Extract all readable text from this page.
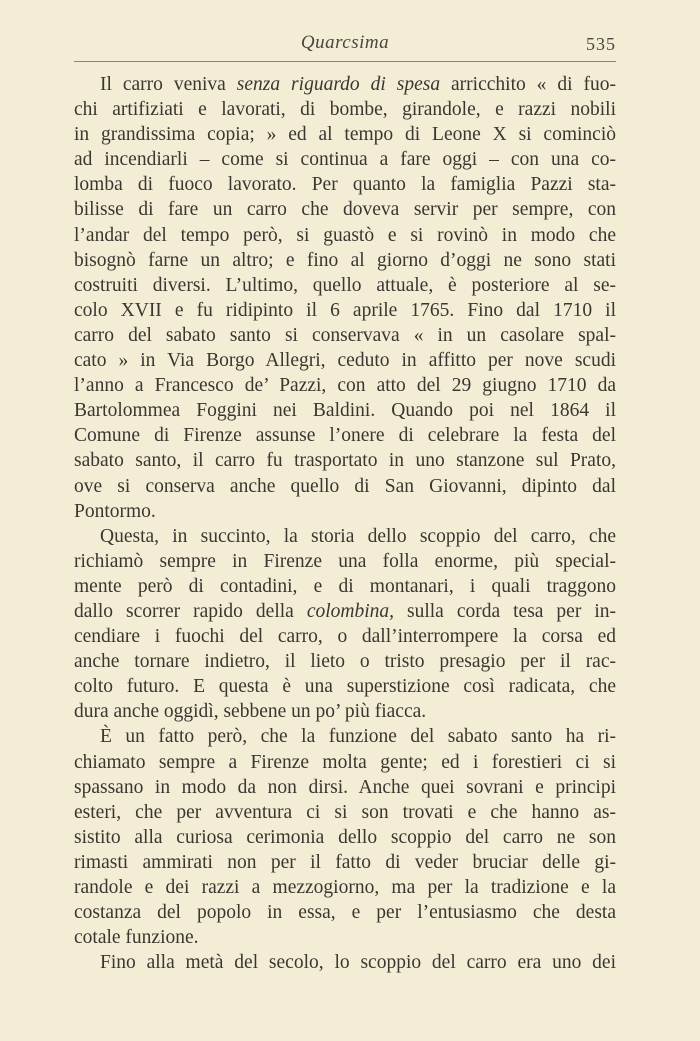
Quarcsima	535
Il carro veniva senza riguardo di spesa arricchito « di fuo-
chi artifiziati e lavorati, di bombe, girandole, e razzi nobili
in grandissima copia; » ed al tempo di Leone X si cominciò
ad incendiarli – come si continua a fare oggi – con una co-
lomba di fuoco lavorato. Per quanto la famiglia Pazzi sta-
bilisse di fare un carro che doveva servir per sempre, con
l’andar del tempo però, si guastò e si rovinò in modo che
bisognò farne un altro; e fino al giorno d’oggi ne sono stati
costruiti diversi. L’ultimo, quello attuale, è posteriore al se-
colo XVII e fu ridipinto il 6 aprile 1765. Fino dal 1710 il
carro del sabato santo si conservava « in un casolare spal-
cato » in Via Borgo Allegri, ceduto in affitto per nove scudi
l’anno a Francesco de’ Pazzi, con atto del 29 giugno 1710 da
Bartolommea Foggini nei Baldini. Quando poi nel 1864 il
Comune di Firenze assunse l’onere di celebrare la festa del
sabato santo, il carro fu trasportato in uno stanzone sul Prato,
ove si conserva anche quello di San Giovanni, dipinto dal
Pontormo.
Questa, in succinto, la storia dello scoppio del carro, che
richiamò sempre in Firenze una folla enorme, più special-
mente però di contadini, e di montanari, i quali traggono
dallo scorrer rapido della colombina, sulla corda tesa per in-
cendiare i fuochi del carro, o dall’interrompere la corsa ed
anche tornare indietro, il lieto o tristo presagio per il rac-
colto futuro. E questa è una superstizione così radicata, che
dura anche oggidì, sebbene un po’ più fiacca.
È un fatto però, che la funzione del sabato santo ha ri-
chiamato sempre a Firenze molta gente; ed i forestieri ci si
spassano in modo da non dirsi. Anche quei sovrani e principi
esteri, che per avventura ci si son trovati e che hanno as-
sistito alla curiosa cerimonia dello scoppio del carro ne son
rimasti ammirati non per il fatto di veder bruciar delle gi-
randole e dei razzi a mezzogiorno, ma per la tradizione e la
costanza del popolo in essa, e per l’entusiasmo che desta
cotale funzione.
Fino alla metà del secolo, lo scoppio del carro era uno dei
